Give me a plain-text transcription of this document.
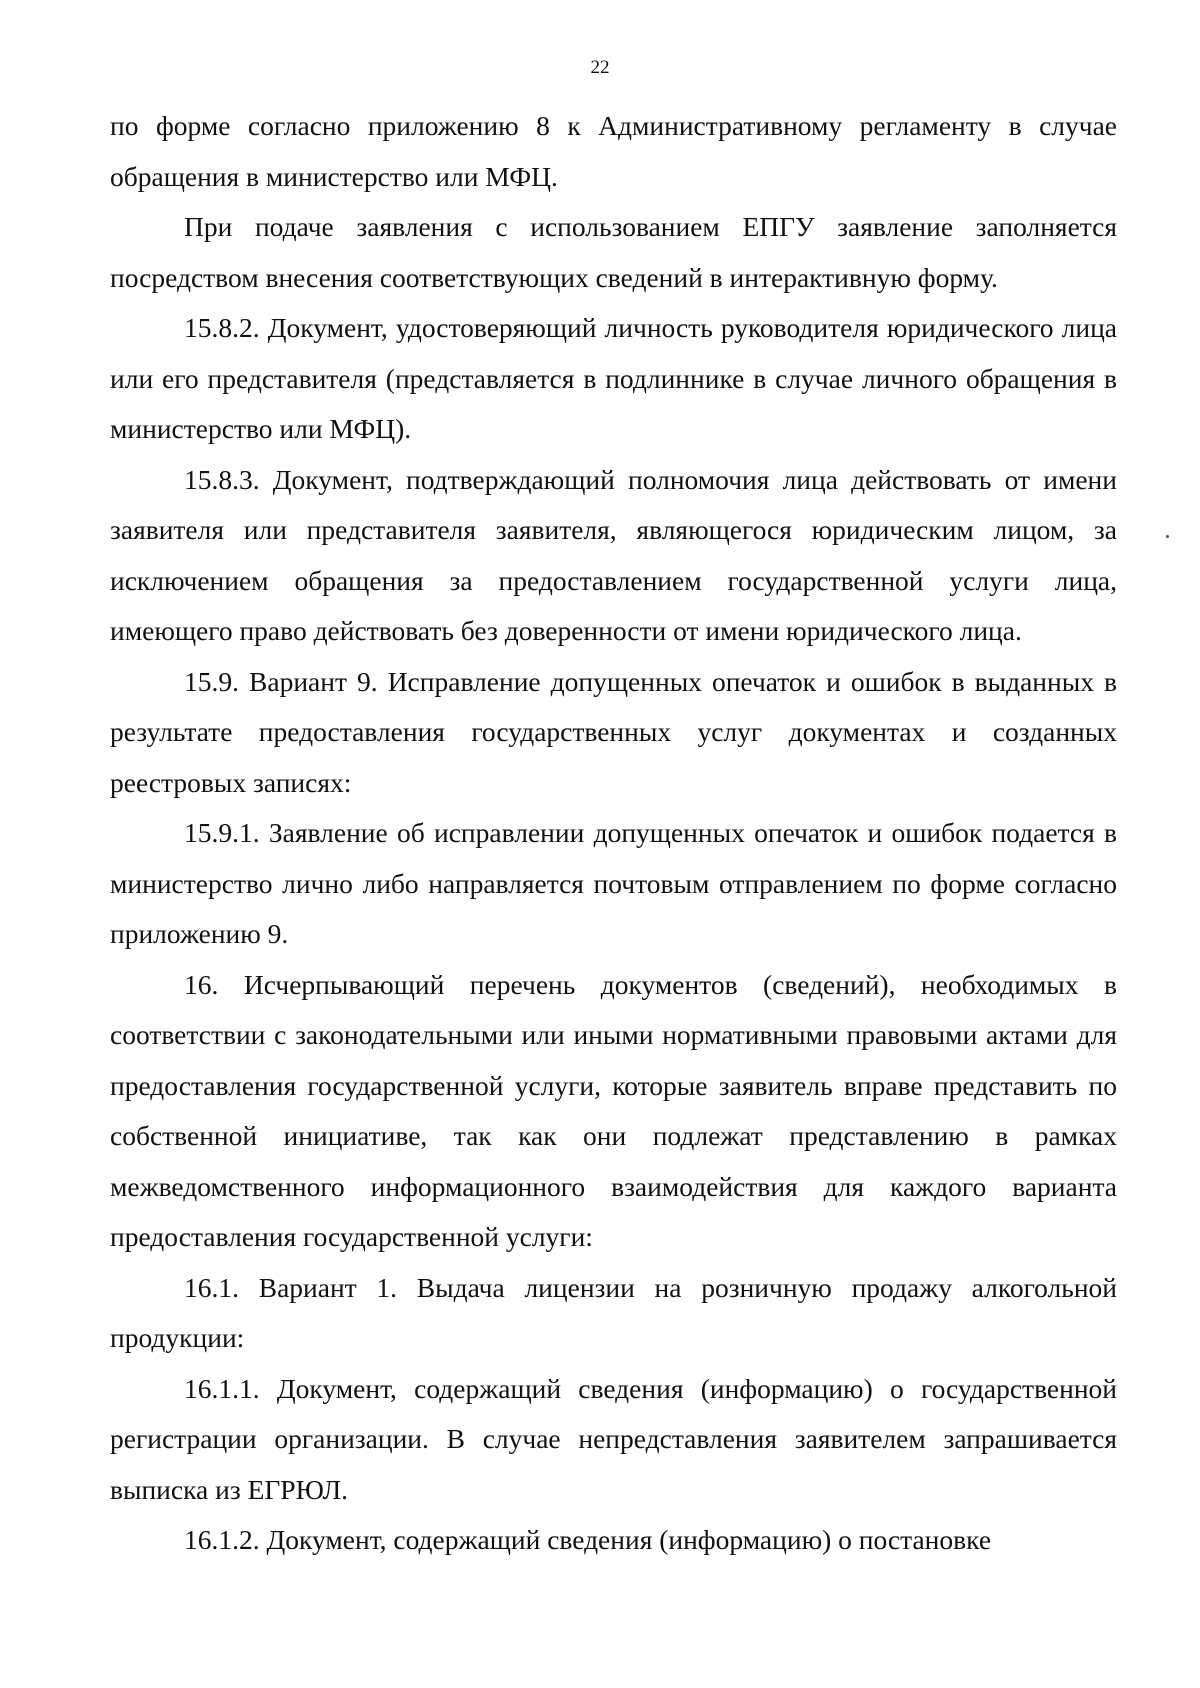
22

по форме согласно приложению 8 к Административному регламенту в случае обращения в министерство или МФЦ.

При подаче заявления с использованием ЕПГУ заявление заполняется посредством внесения соответствующих сведений в интерактивную форму.

15.8.2. Документ, удостоверяющий личность руководителя юридического лица или его представителя (представляется в подлиннике в случае личного обращения в министерство или МФЦ).

15.8.3. Документ, подтверждающий полномочия лица действовать от имени заявителя или представителя заявителя, являющегося юридическим лицом, за исключением обращения за предоставлением государственной услуги лица, имеющего право действовать без доверенности от имени юридического лица.

15.9. Вариант 9. Исправление допущенных опечаток и ошибок в выданных в результате предоставления государственных услуг документах и созданных реестровых записях:

15.9.1. Заявление об исправлении допущенных опечаток и ошибок подается в министерство лично либо направляется почтовым отправлением по форме согласно приложению 9.

16. Исчерпывающий перечень документов (сведений), необходимых в соответствии с законодательными или иными нормативными правовыми актами для предоставления государственной услуги, которые заявитель вправе представить по собственной инициативе, так как они подлежат представлению в рамках межведомственного информационного взаимодействия для каждого варианта предоставления государственной услуги:

16.1. Вариант 1. Выдача лицензии на розничную продажу алкогольной продукции:

16.1.1. Документ, содержащий сведения (информацию) о государственной регистрации организации. В случае непредставления заявителем запрашивается выписка из ЕГРЮЛ.

16.1.2. Документ, содержащий сведения (информацию) о постановке
